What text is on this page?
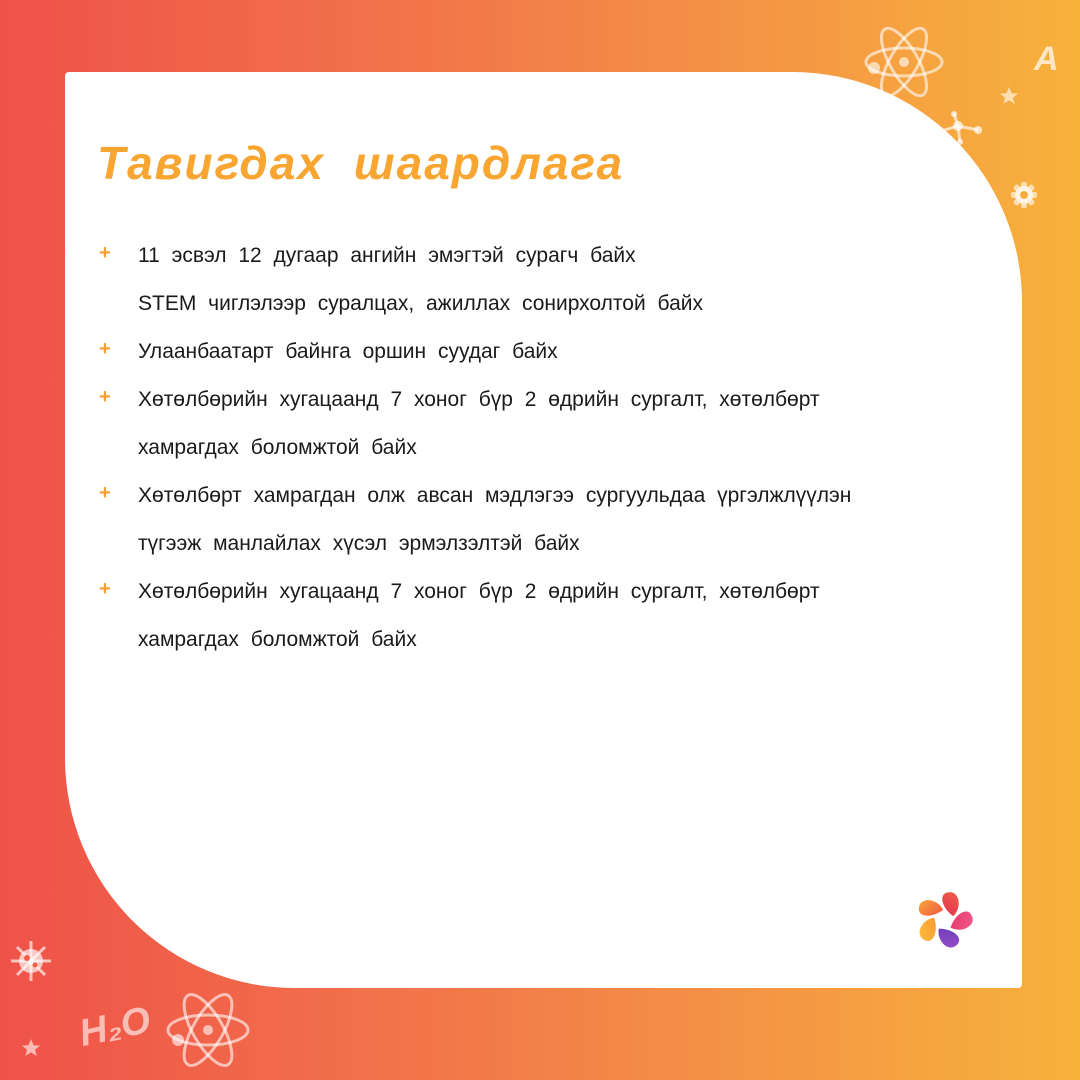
Тавигдах шаардлага
+	11 эсвэл 12 дугаар ангийн эмэгтэй сурагч байх
STEM чиглэлээр суралцах, ажиллах сонирхолтой байх
+	Улаанбаатарт байнга оршин суудаг байх
+	Хөтөлбөрийн хугацаанд 7 хоног бүр 2 өдрийн сургалт, хөтөлбөрт
хамрагдах боломжтой байх
+	Хөтөлбөрт хамрагдан олж авсан мэдлэгээ сургуульдаа үргэлжлүүлэн
түгээж манлайлах хүсэл эрмэлзэлтэй байх
+	Хөтөлбөрийн хугацаанд 7 хоног бүр 2 өдрийн сургалт, хөтөлбөрт
хамрагдах боломжтой байх
A
H₂O
